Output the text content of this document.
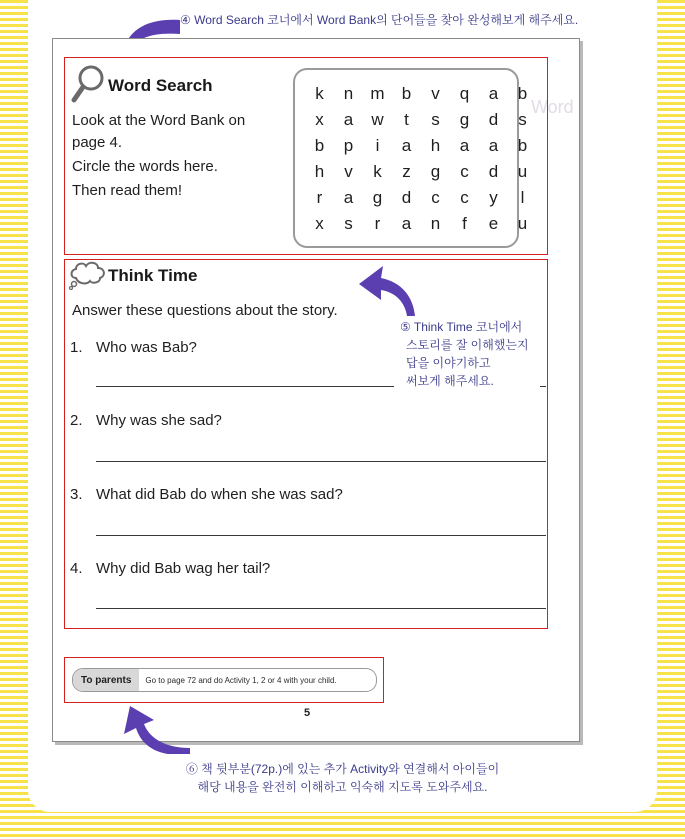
④ Word Search 코너에서 Word Bank의 단어들을 찾아 완성해보게 해주세요.
Word
Word Search
Look at the Word Bank on
page 4.
Circle the words here.
Then read them!
k	n	m	b	v	q	a	b
x	a	w	t	s	g	d	s
b	p	i	a	h	a	a	b
h	v	k	z	g	c	d	u
r	a	g	d	c	c	y	l
x	s	r	a	n	f	e	u
Think Time
Answer these questions about the story.
1. Who was Bab?
2. Why was she sad?
3. What did Bab do when she was sad?
4. Why did Bab wag her tail?
⑤ Think Time 코너에서
스토리를 잘 이해했는지
답을 이야기하고
써보게 해주세요.
To parents	Go to page 72 and do Activity 1, 2 or 4 with your child.
5
⑥ 책 뒷부분(72p.)에 있는 추가 Activity와 연결해서 아이들이
해당 내용을 완전히 이해하고 익숙해 지도록 도와주세요.
